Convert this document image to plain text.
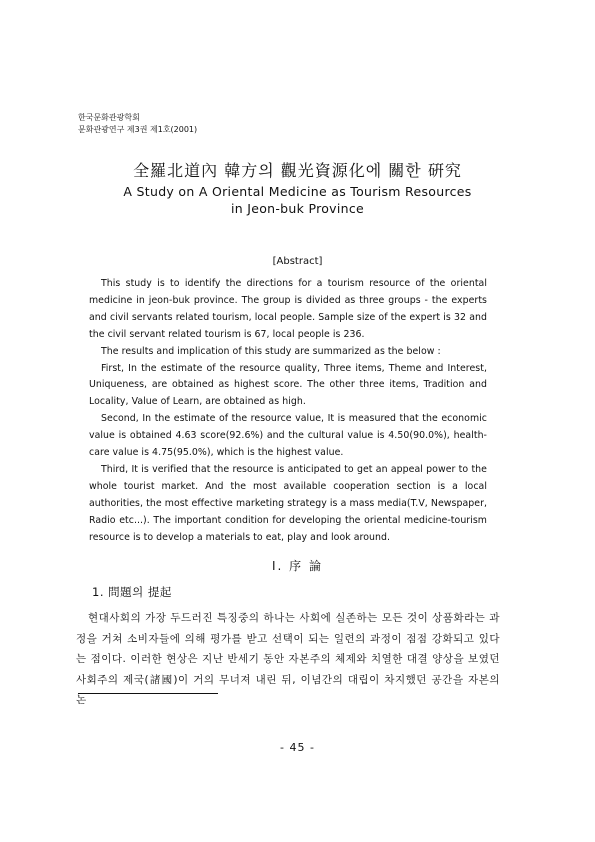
한국문화관광학회
문화관광연구 제3권 제1호(2001)
全羅北道內 韓方의 觀光資源化에 關한 硏究
A Study on A Oriental Medicine as Tourism Resources
in Jeon-buk Province
[Abstract]

This study is to identify the directions for a tourism resource of the oriental medicine in jeon-buk province. The group is divided as three groups - the experts and civil servants related tourism, local people. Sample size of the expert is 32 and the civil servant related tourism is 67, local people is 236.

The results and implication of this study are summarized as the below :

First, In the estimate of the resource quality, Three items, Theme and Interest, Uniqueness, are obtained as highest score. The other three items, Tradition and Locality, Value of Learn, are obtained as high.

Second, In the estimate of the resource value, It is measured that the economic value is obtained 4.63 score(92.6%) and the cultural value is 4.50(90.0%), health-care value is 4.75(95.0%), which is the highest value.

Third, It is verified that the resource is anticipated to get an appeal power to the whole tourist market. And the most available cooperation section is a local authorities, the most effective marketing strategy is a mass media(T.V, Newspaper, Radio etc...). The important condition for developing the oriental medicine-tourism resource is to develop a materials to eat, play and look around.

Ⅰ. 序 論
1. 問題의 提起

현대사회의 가장 두드러진 특징중의 하나는 사회에 실존하는 모든 것이 상품화라는 과정을 거쳐 소비자들에 의해 평가를 받고 선택이 되는 일련의 과정이 점점 강화되고 있다는 점이다. 이러한 현상은 지난 반세기 동안 자본주의 체제와 치열한 대결 양상을 보였던 사회주의 제국(諸國)이 거의 무너져 내린 뒤, 이념간의 대립이 차지했던 공간을 자본의 논

- 45 -
